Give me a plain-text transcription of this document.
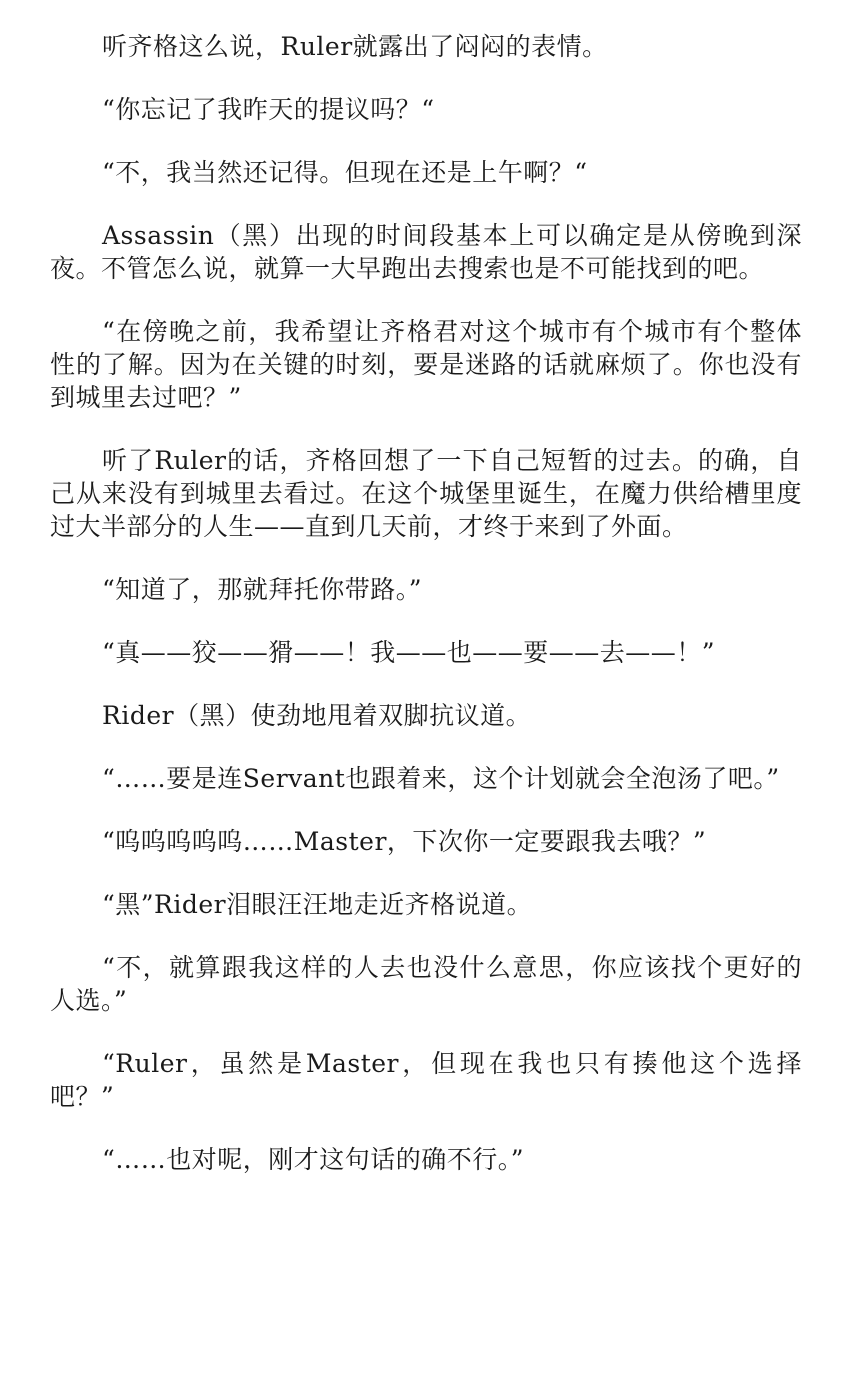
听齐格这么说，Ruler就露出了闷闷的表情。

“你忘记了我昨天的提议吗？“

“不，我当然还记得。但现在还是上午啊？“

Assassin（黑）出现的时间段基本上可以确定是从傍晚到深夜。不管怎么说，就算一大早跑出去搜索也是不可能找到的吧。

“在傍晚之前，我希望让齐格君对这个城市有个城市有个整体性的了解。因为在关键的时刻，要是迷路的话就麻烦了。你也没有到城里去过吧？”

听了Ruler的话，齐格回想了一下自己短暂的过去。的确，自己从来没有到城里去看过。在这个城堡里诞生，在魔力供给槽里度过大半部分的人生——直到几天前，才终于来到了外面。

“知道了，那就拜托你带路。”

“真——狡——猾——！我——也——要——去——！”

Rider（黑）使劲地甩着双脚抗议道。

“……要是连Servant也跟着来，这个计划就会全泡汤了吧。”

“呜呜呜呜呜……Master，下次你一定要跟我去哦？”

“黑”Rider泪眼汪汪地走近齐格说道。

“不，就算跟我这样的人去也没什么意思，你应该找个更好的人选。”

“Ruler，虽然是Master，但现在我也只有揍他这个选择吧？”

“……也对呢，刚才这句话的确不行。”
